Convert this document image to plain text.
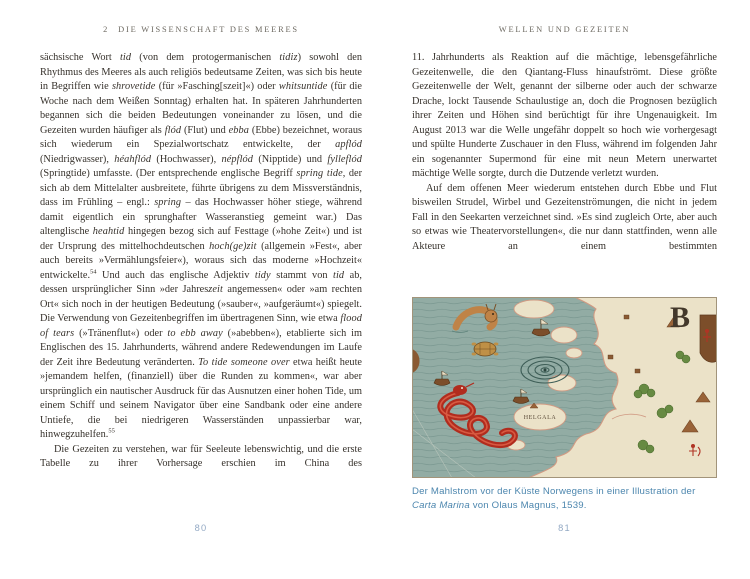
2 DIE WISSENSCHAFT DES MEERES

sächsische Wort tid (von dem protogermanischen tidiz) sowohl den Rhythmus des Meeres als auch religiös bedeutsame Zeiten, was sich bis heute in Begriffen wie shrovetide (für »Fasching[szeit]«) oder whitsuntide (für die Woche nach dem Weißen Sonntag) erhalten hat. In späteren Jahrhunderten begannen sich die beiden Bedeutungen voneinander zu lösen, und die Gezeiten wurden häufiger als flód (Flut) und ebba (Ebbe) bezeichnet, woraus sich wiederum ein Spezialwortschatz entwickelte, der apflód (Niedrigwasser), héahflód (Hochwasser), népflód (Nipptide) und fylleflód (Springtide) umfasste. (Der entsprechende englische Begriff spring tide, der sich ab dem Mittelalter ausbreitete, führte übrigens zu dem Missverständnis, dass im Frühling – engl.: spring – das Hochwasser höher stiege, während damit eigentlich ein sprunghafter Wasseranstieg gemeint war.) Das altenglische heahtid hingegen bezog sich auf Festtage (»hohe Zeit«) und ist der Ursprung des mittelhochdeutschen hoch(ge)zit (allgemein »Fest«, aber auch bereits »Vermählungsfeier«), woraus sich das moderne »Hochzeit« entwickelte.$^{54}$ Und auch das englische Adjektiv tidy stammt von tid ab, dessen ursprünglicher Sinn »der Jahreszeit angemessen« oder »am rechten Ort« sich noch in der heutigen Bedeutung (»sauber«, »aufgeräumt«) spiegelt. Die Verwendung von Gezeitenbegriffen im übertragenen Sinn, wie etwa flood of tears (»Tränenflut«) oder to ebb away (»abebben«), etablierte sich im Englischen des 15. Jahrhunderts, während andere Redewendungen im Laufe der Zeit ihre Bedeutung veränderten. To tide someone over etwa heißt heute »jemandem helfen, (finanziell) über die Runden zu kommen«, war aber ursprünglich ein nautischer Ausdruck für das Ausnutzen einer hohen Tide, um einem Schiff und seinem Navigator über eine Sandbank oder eine andere Untiefe, die bei niedrigeren Wasserständen unpassierbar war, hinwegzuhelfen.$^{55}$

Die Gezeiten zu verstehen, war für Seeleute lebenswichtig, und die erste Tabelle zu ihrer Vorhersage erschien im China des

80
WELLEN UND GEZEITEN

11. Jahrhunderts als Reaktion auf die mächtige, lebensgefährliche Gezeitenwelle, die den Qiantang-Fluss hinaufströmt. Diese größte Gezeitenwelle der Welt, genannt der silberne oder auch der schwarze Drache, lockt Tausende Schaulustige an, doch die Prognosen bezüglich ihrer Zeiten und Höhen sind berüchtigt für ihre Ungenauigkeit. Im August 2013 war die Welle ungefähr doppelt so hoch wie vorhergesagt und spülte Hunderte Zuschauer in den Fluss, während im folgenden Jahr ein sogenannter Supermond für eine mit neun Metern unerwartet mächtige Welle sorgte, durch die Dutzende verletzt wurden.

Auf dem offenen Meer wiederum entstehen durch Ebbe und Flut bisweilen Strudel, Wirbel und Gezeitenströmungen, die nicht in jedem Fall in den Seekarten verzeichnet sind. »Es sind zugleich Orte, aber auch so etwas wie Theatervorstellungen«, die nur dann stattfinden, wenn alle Akteure an einem bestimmten

HELGALA
B
Der Mahlstrom vor der Küste Norwegens in einer Illustration der Carta Marina von Olaus Magnus, 1539.
81
